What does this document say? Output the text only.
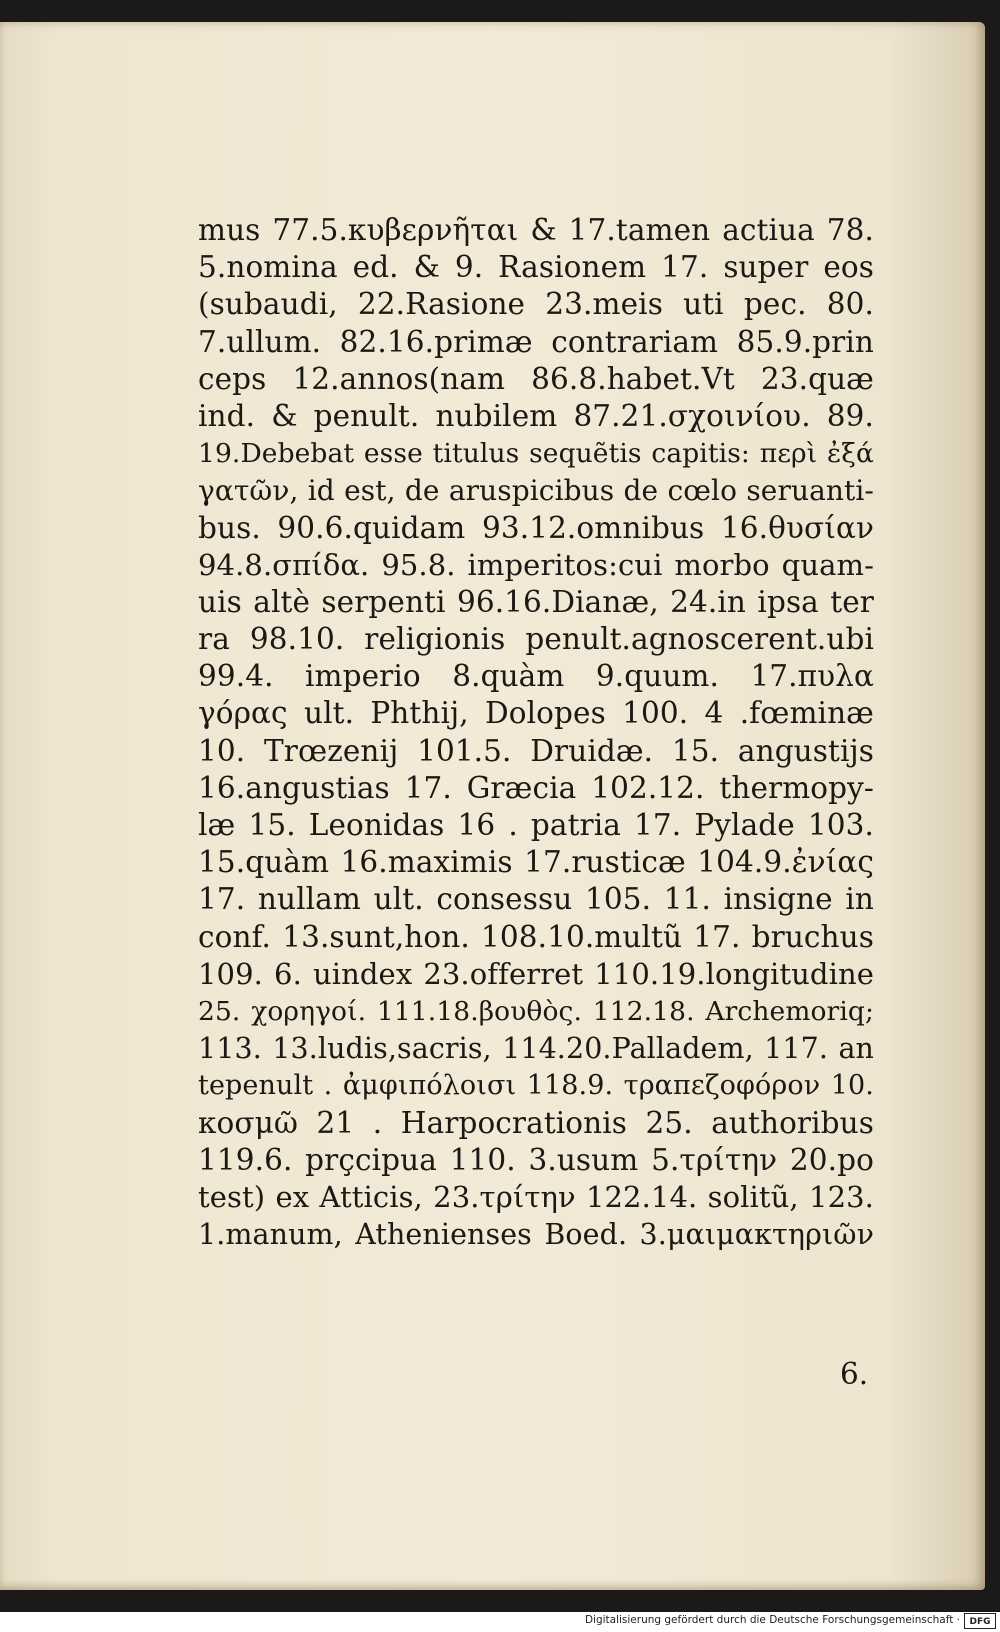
mus 77.5.κυβερνῆται & 17.tamen actiua 78.
5.nomina ed. & 9. Rasionem 17. super eos
(subaudi, 22.Rasione 23.meis uti pec. 80.
7.ullum. 82.16.primæ contrariam 85.9.prin
ceps 12.annos(nam 86.8.habet.Vt 23.quæ
ind. & penult. nubilem 87.21.σχοινίου. 89.
19.Debebat esse titulus sequẽtis capitis: περὶ ἐξά
γατῶν, id est, de aruspicibus de cœlo seruanti-
bus. 90.6.quidam 93.12.omnibus 16.θυσίαν
94.8.σπίδα. 95.8. imperitos:cui morbo quam-
uis altè serpenti 96.16.Dianæ, 24.in ipsa ter
ra 98.10. religionis penult.agnoscerent.ubi
99.4. imperio 8.quàm 9.quum. 17.πυλα
γόρας ult. Phthij, Dolopes 100. 4 .fœminæ
10. Trœzenij 101.5. Druidæ. 15. angustijs
16.angustias 17. Græcia 102.12. thermopy-
læ 15. Leonidas 16 . patria 17. Pylade 103.
15.quàm 16.maximis 17.rusticæ 104.9.ἐνίας
17. nullam ult. consessu 105. 11. insigne in
conf. 13.sunt,hon. 108.10.multũ 17. bruchus
109. 6. uindex 23.offerret 110.19.longitudine
25. χορηγοί. 111.18.βουθὸς. 112.18. Archemoriq;
113. 13.ludis,sacris, 114.20.Palladem, 117. an
tepenult . ἀμφιπόλοισι 118.9. τραπεζοφόρον 10.
κοσμῶ 21 . Harpocrationis 25. authoribus
119.6. prçcipua 110. 3.usum 5.τρίτην 20.po
test) ex Atticis, 23.τρίτην 122.14. solitũ, 123.
1.manum, Athenienses Boed. 3.μαιμακτηριῶν
6.
Digitalisierung gefördert durch die Deutsche Forschungsgemeinschaft ·	DFG
